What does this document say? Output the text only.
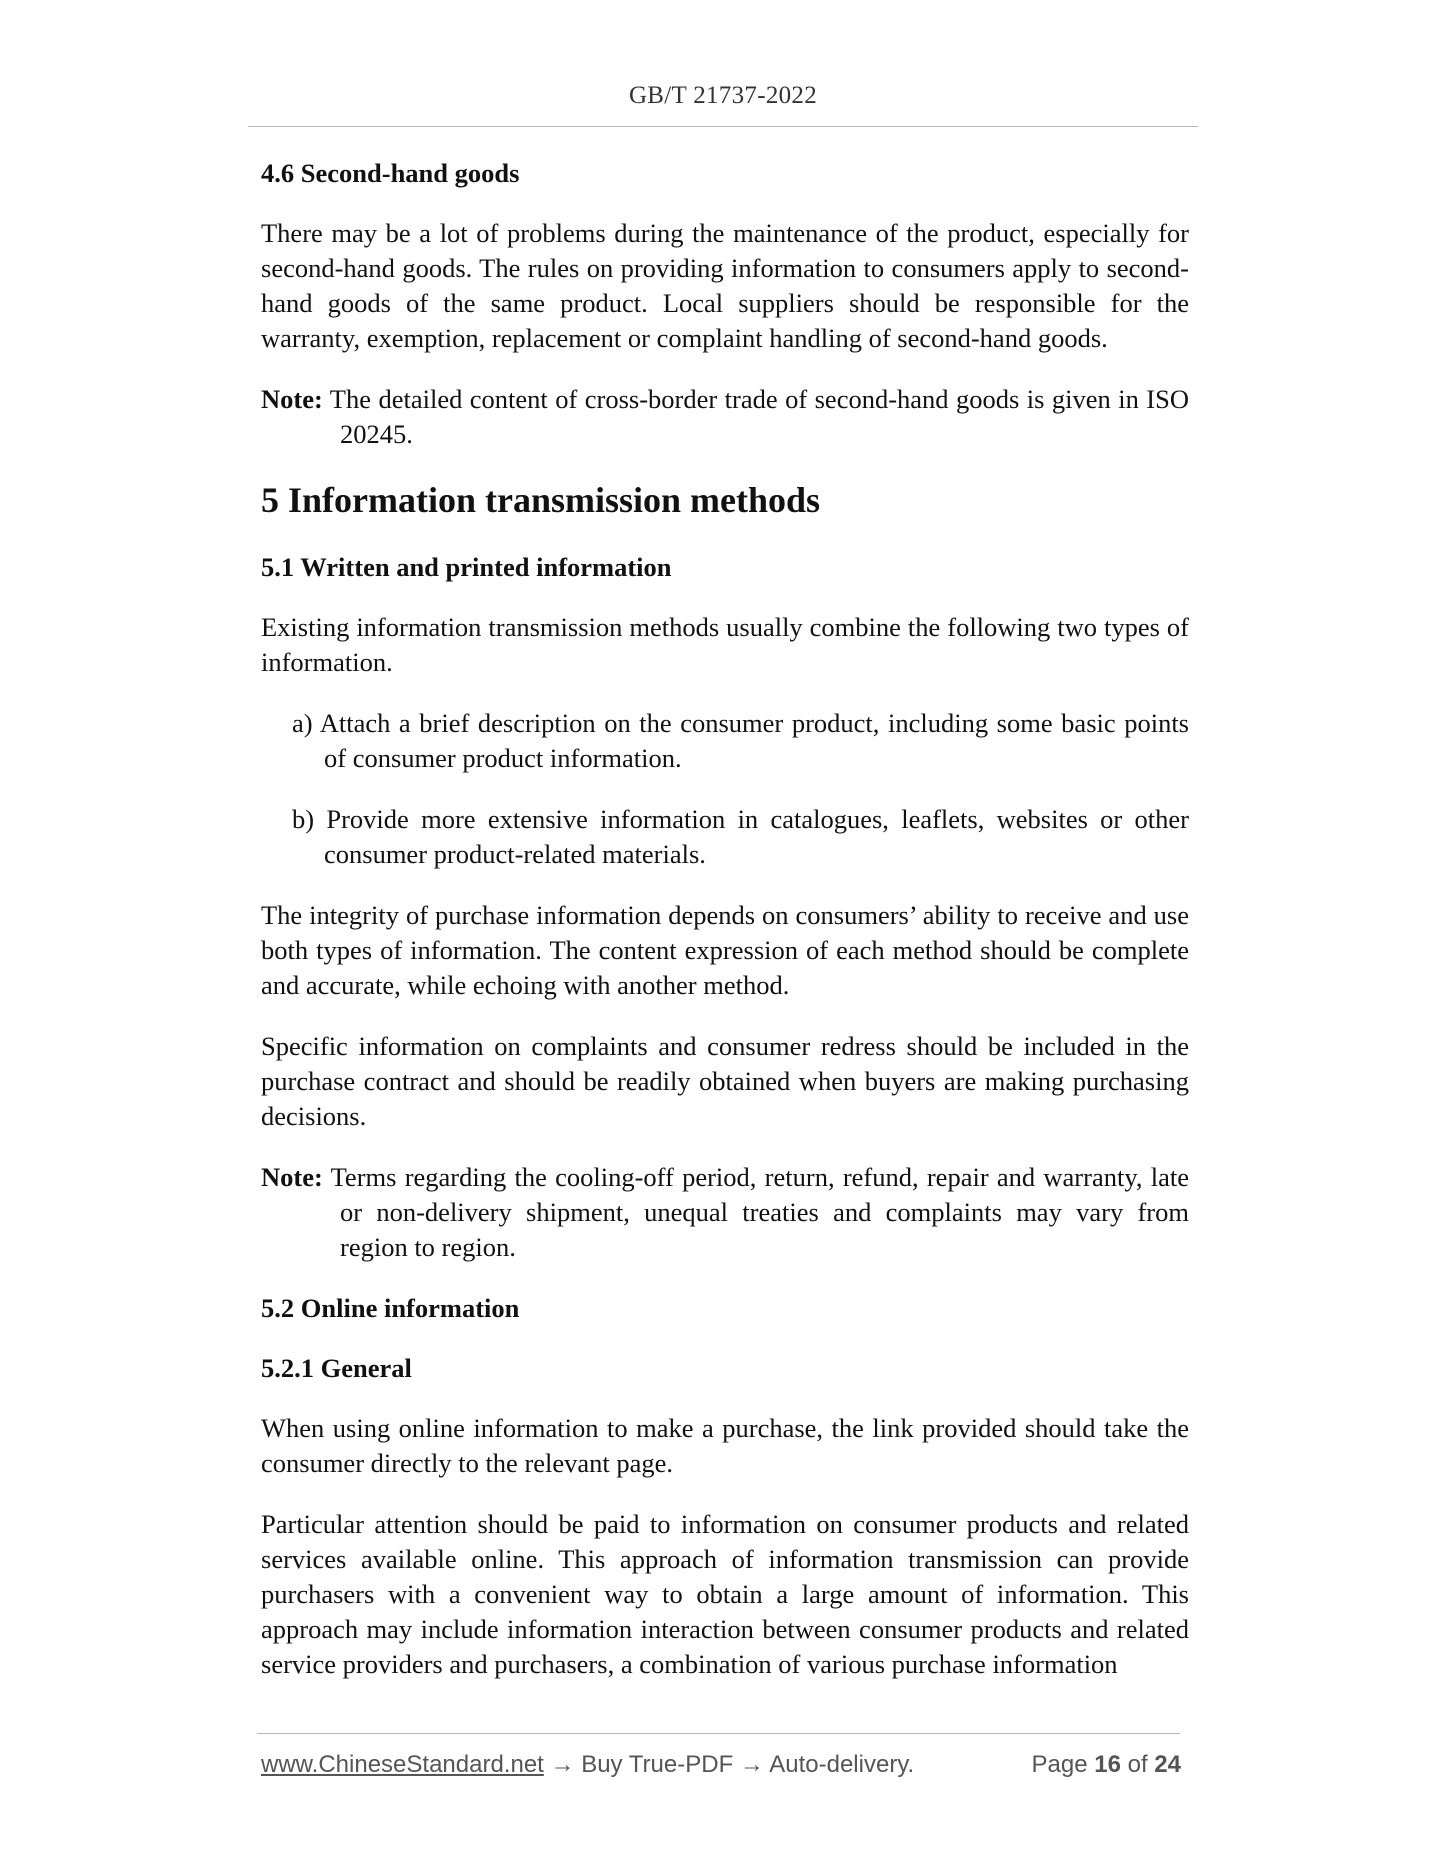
GB/T 21737-2022
4.6 Second-hand goods

There may be a lot of problems during the maintenance of the product, especially for second-hand goods. The rules on providing information to consumers apply to second-hand goods of the same product. Local suppliers should be responsible for the warranty, exemption, replacement or complaint handling of second-hand goods.

Note: The detailed content of cross-border trade of second-hand goods is given in ISO 20245.

5 Information transmission methods
5.1 Written and printed information

Existing information transmission methods usually combine the following two types of information.

a) Attach a brief description on the consumer product, including some basic points of consumer product information.

b) Provide more extensive information in catalogues, leaflets, websites or other consumer product-related materials.

The integrity of purchase information depends on consumers’ ability to receive and use both types of information. The content expression of each method should be complete and accurate, while echoing with another method.

Specific information on complaints and consumer redress should be included in the purchase contract and should be readily obtained when buyers are making purchasing decisions.

Note: Terms regarding the cooling-off period, return, refund, repair and warranty, late or non-delivery shipment, unequal treaties and complaints may vary from region to region.

5.2 Online information
5.2.1 General

When using online information to make a purchase, the link provided should take the consumer directly to the relevant page.

Particular attention should be paid to information on consumer products and related services available online. This approach of information transmission can provide purchasers with a convenient way to obtain a large amount of information. This approach may include information interaction between consumer products and related service providers and purchasers, a combination of various purchase information

www.ChineseStandard.net → Buy True-PDF → Auto-delivery.	Page 16 of 24
